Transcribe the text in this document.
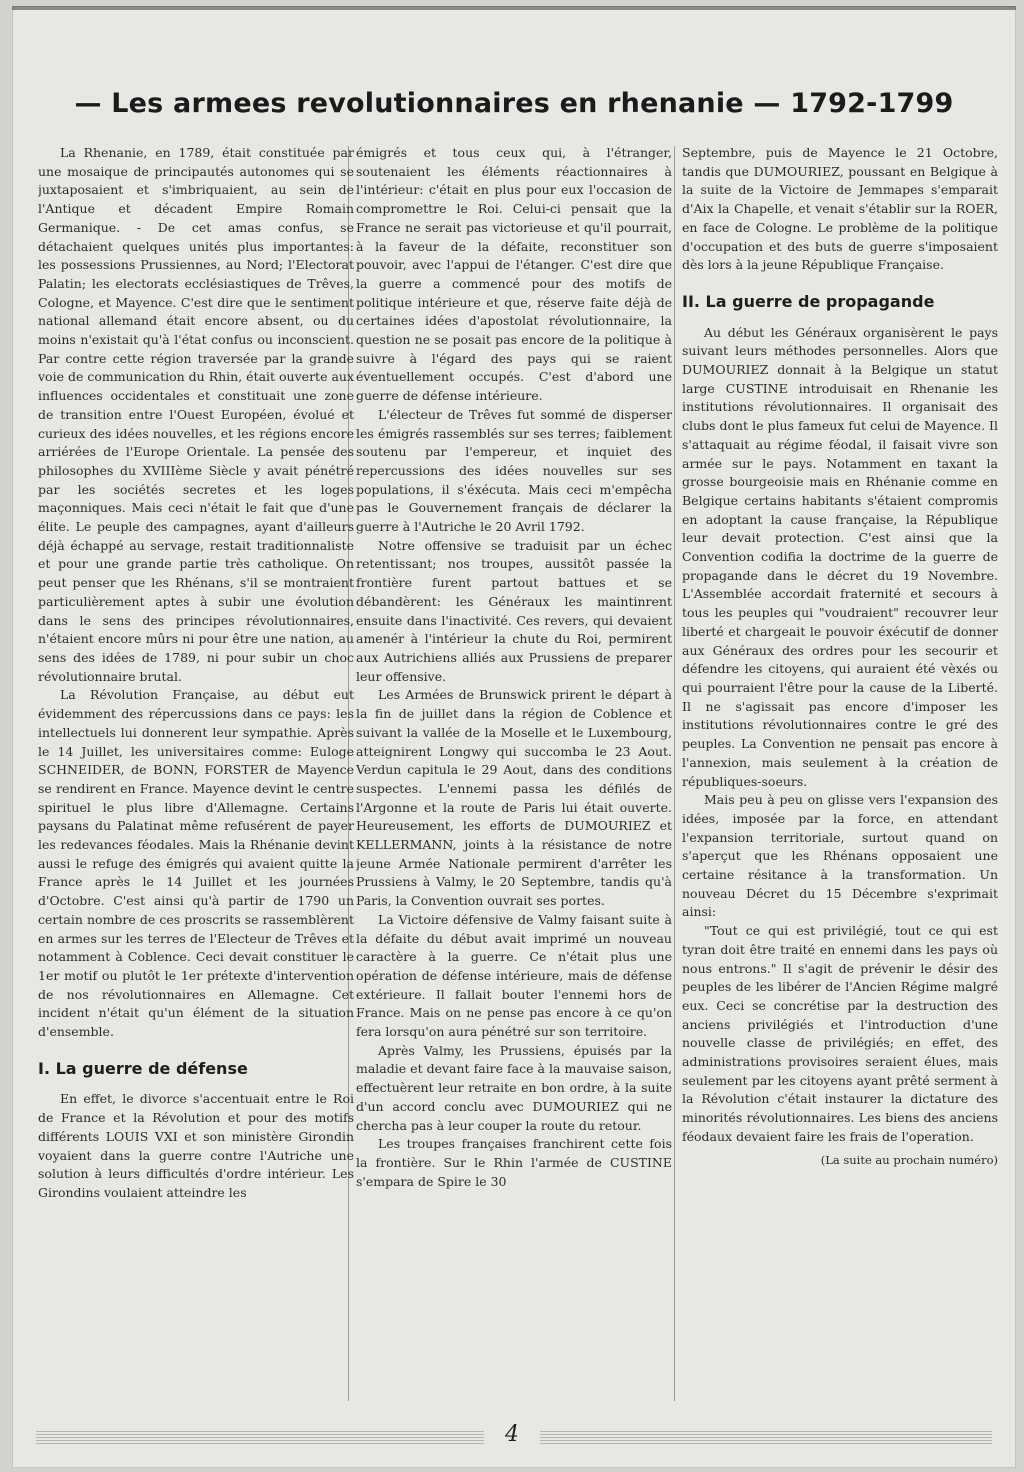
— Les armees revolutionnaires en rhenanie — 1792-1799

La Rhenanie, en 1789, était constituée par une mosaique de principautés autonomes qui se juxtaposaient et s'imbriquaient, au sein de l'Antique et décadent Empire Romain Germanique. - De cet amas confus, se détachaient quelques unités plus importantes: les possessions Prussiennes, au Nord; l'Electorat Palatin; les electorats ecclésiastiques de Trêves, Cologne, et Mayence. C'est dire que le sentiment national allemand était encore absent, ou du moins n'existait qu'à l'état confus ou inconscient. Par contre cette région traversée par la grande voie de communication du Rhin, était ouverte aux influences occidentales et constituait une zone de transition entre l'Ouest Européen, évolué et curieux des idées nouvelles, et les régions encore arriérées de l'Europe Orientale. La pensée des philosophes du XVIIIème Siècle y avait pénétré par les sociétés secretes et les loges maçonniques. Mais ceci n'était le fait que d'une élite. Le peuple des campagnes, ayant d'ailleurs déjà échappé au servage, restait traditionnaliste et pour une grande partie très catholique. On peut penser que les Rhénans, s'il se montraient particulièrement aptes à subir une évolution dans le sens des principes révolutionnaires, n'étaient encore mûrs ni pour être une nation, au sens des idées de 1789, ni pour subir un choc révolutionnaire brutal.

La Révolution Française, au début eut évidemment des répercussions dans ce pays: les intellectuels lui donnerent leur sympathie. Après le 14 Juillet, les universitaires comme: Euloge SCHNEIDER, de BONN, FORSTER de Mayence se rendirent en France. Mayence devint le centre spirituel le plus libre d'Allemagne. Certains paysans du Palatinat même refusérent de payer les redevances féodales. Mais la Rhénanie devint aussi le refuge des émigrés qui avaient quitte la France après le 14 Juillet et les journées d'Octobre. C'est ainsi qu'à partir de 1790 un certain nombre de ces proscrits se rassemblèrent en armes sur les terres de l'Electeur de Trêves et notamment à Coblence. Ceci devait constituer le 1er motif ou plutôt le 1er prétexte d'intervention de nos révolutionnaires en Allemagne. Cet incident n'était qu'un élément de la situation d'ensemble.

I. La guerre de défense

En effet, le divorce s'accentuait entre le Roi de France et la Révolution et pour des motifs différents LOUIS VXI et son ministère Girondin voyaient dans la guerre contre l'Autriche une solution à leurs difficultés d'ordre intérieur. Les Girondins voulaient atteindre les

émigrés et tous ceux qui, à l'étranger, soutenaient les éléments réactionnaires à l'intérieur: c'était en plus pour eux l'occasion de compromettre le Roi. Celui-ci pensait que la France ne serait pas victorieuse et qu'il pourrait, à la faveur de la défaite, reconstituer son pouvoir, avec l'appui de l'étanger. C'est dire que la guerre a commencé pour des motifs de politique intérieure et que, réserve faite déjà de certaines idées d'apostolat révolutionnaire, la question ne se posait pas encore de la politique à suivre à l'égard des pays qui se raient éventuellement occupés. C'est d'abord une guerre de défense intérieure.

L'électeur de Trêves fut sommé de disperser les émigrés rassemblés sur ses terres; faiblement soutenu par l'empereur, et inquiet des repercussions des idées nouvelles sur ses populations, il s'éxécuta. Mais ceci m'empêcha pas le Gouvernement français de déclarer la guerre à l'Autriche le 20 Avril 1792.

Notre offensive se traduisit par un échec retentissant; nos troupes, aussitôt passée la frontière furent partout battues et se débandèrent: les Généraux les maintinrent ensuite dans l'inactivité. Ces revers, qui devaient amenér à l'intérieur la chute du Roi, permirent aux Autrichiens alliés aux Prussiens de preparer leur offensive.

Les Armées de Brunswick prirent le départ à la fin de juillet dans la région de Coblence et suivant la vallée de la Moselle et le Luxembourg, atteignirent Longwy qui succomba le 23 Aout. Verdun capitula le 29 Aout, dans des conditions suspectes. L'ennemi passa les défilés de l'Argonne et la route de Paris lui était ouverte. Heureusement, les efforts de DUMOURIEZ et KELLERMANN, joints à la résistance de notre jeune Armée Nationale permirent d'arrêter les Prussiens à Valmy, le 20 Septembre, tandis qu'à Paris, la Convention ouvrait ses portes.

La Victoire défensive de Valmy faisant suite à la défaite du début avait imprimé un nouveau caractère à la guerre. Ce n'était plus une opération de défense intérieure, mais de défense extérieure. Il fallait bouter l'ennemi hors de France. Mais on ne pense pas encore à ce qu'on fera lorsqu'on aura pénétré sur son territoire.

Après Valmy, les Prussiens, épuisés par la maladie et devant faire face à la mauvaise saison, effectuèrent leur retraite en bon ordre, à la suite d'un accord conclu avec DUMOURIEZ qui ne chercha pas à leur couper la route du retour.

Les troupes françaises franchirent cette fois la frontière. Sur le Rhin l'armée de CUSTINE s'empara de Spire le 30

Septembre, puis de Mayence le 21 Octobre, tandis que DUMOURIEZ, poussant en Belgique à la suite de la Victoire de Jemmapes s'emparait d'Aix la Chapelle, et venait s'établir sur la ROER, en face de Cologne. Le problème de la politique d'occupation et des buts de guerre s'imposaient dès lors à la jeune République Française.

II. La guerre de propagande

Au début les Généraux organisèrent le pays suivant leurs méthodes personnelles. Alors que DUMOURIEZ donnait à la Belgique un statut large CUSTINE introduisait en Rhenanie les institutions révolutionnaires. Il organisait des clubs dont le plus fameux fut celui de Mayence. Il s'attaquait au régime féodal, il faisait vivre son armée sur le pays. Notamment en taxant la grosse bourgeoisie mais en Rhénanie comme en Belgique certains habitants s'étaient compromis en adoptant la cause française, la République leur devait protection. C'est ainsi que la Convention codifia la doctrime de la guerre de propagande dans le décret du 19 Novembre. L'Assemblée accordait fraternité et secours à tous les peuples qui "voudraient" recouvrer leur liberté et chargeait le pouvoir éxécutif de donner aux Généraux des ordres pour les secourir et défendre les citoyens, qui auraient été vèxés ou qui pourraient l'être pour la cause de la Liberté. Il ne s'agissait pas encore d'imposer les institutions révolutionnaires contre le gré des peuples. La Convention ne pensait pas encore à l'annexion, mais seulement à la création de républiques-soeurs.

Mais peu à peu on glisse vers l'expansion des idées, imposée par la force, en attendant l'expansion territoriale, surtout quand on s'aperçut que les Rhénans opposaient une certaine résitance à la transformation. Un nouveau Décret du 15 Décembre s'exprimait ainsi:

"Tout ce qui est privilégié, tout ce qui est tyran doit être traité en ennemi dans les pays où nous entrons." Il s'agit de prévenir le désir des peuples de les libérer de l'Ancien Régime malgré eux. Ceci se concrétise par la destruction des anciens privilégiés et l'introduction d'une nouvelle classe de privilégiés; en effet, des administrations provisoires seraient élues, mais seulement par les citoyens ayant prêté serment à la Révolution c'était instaurer la dictature des minorités révolutionnaires. Les biens des anciens féodaux devaient faire les frais de l'operation.

(La suite au prochain numéro)

4
